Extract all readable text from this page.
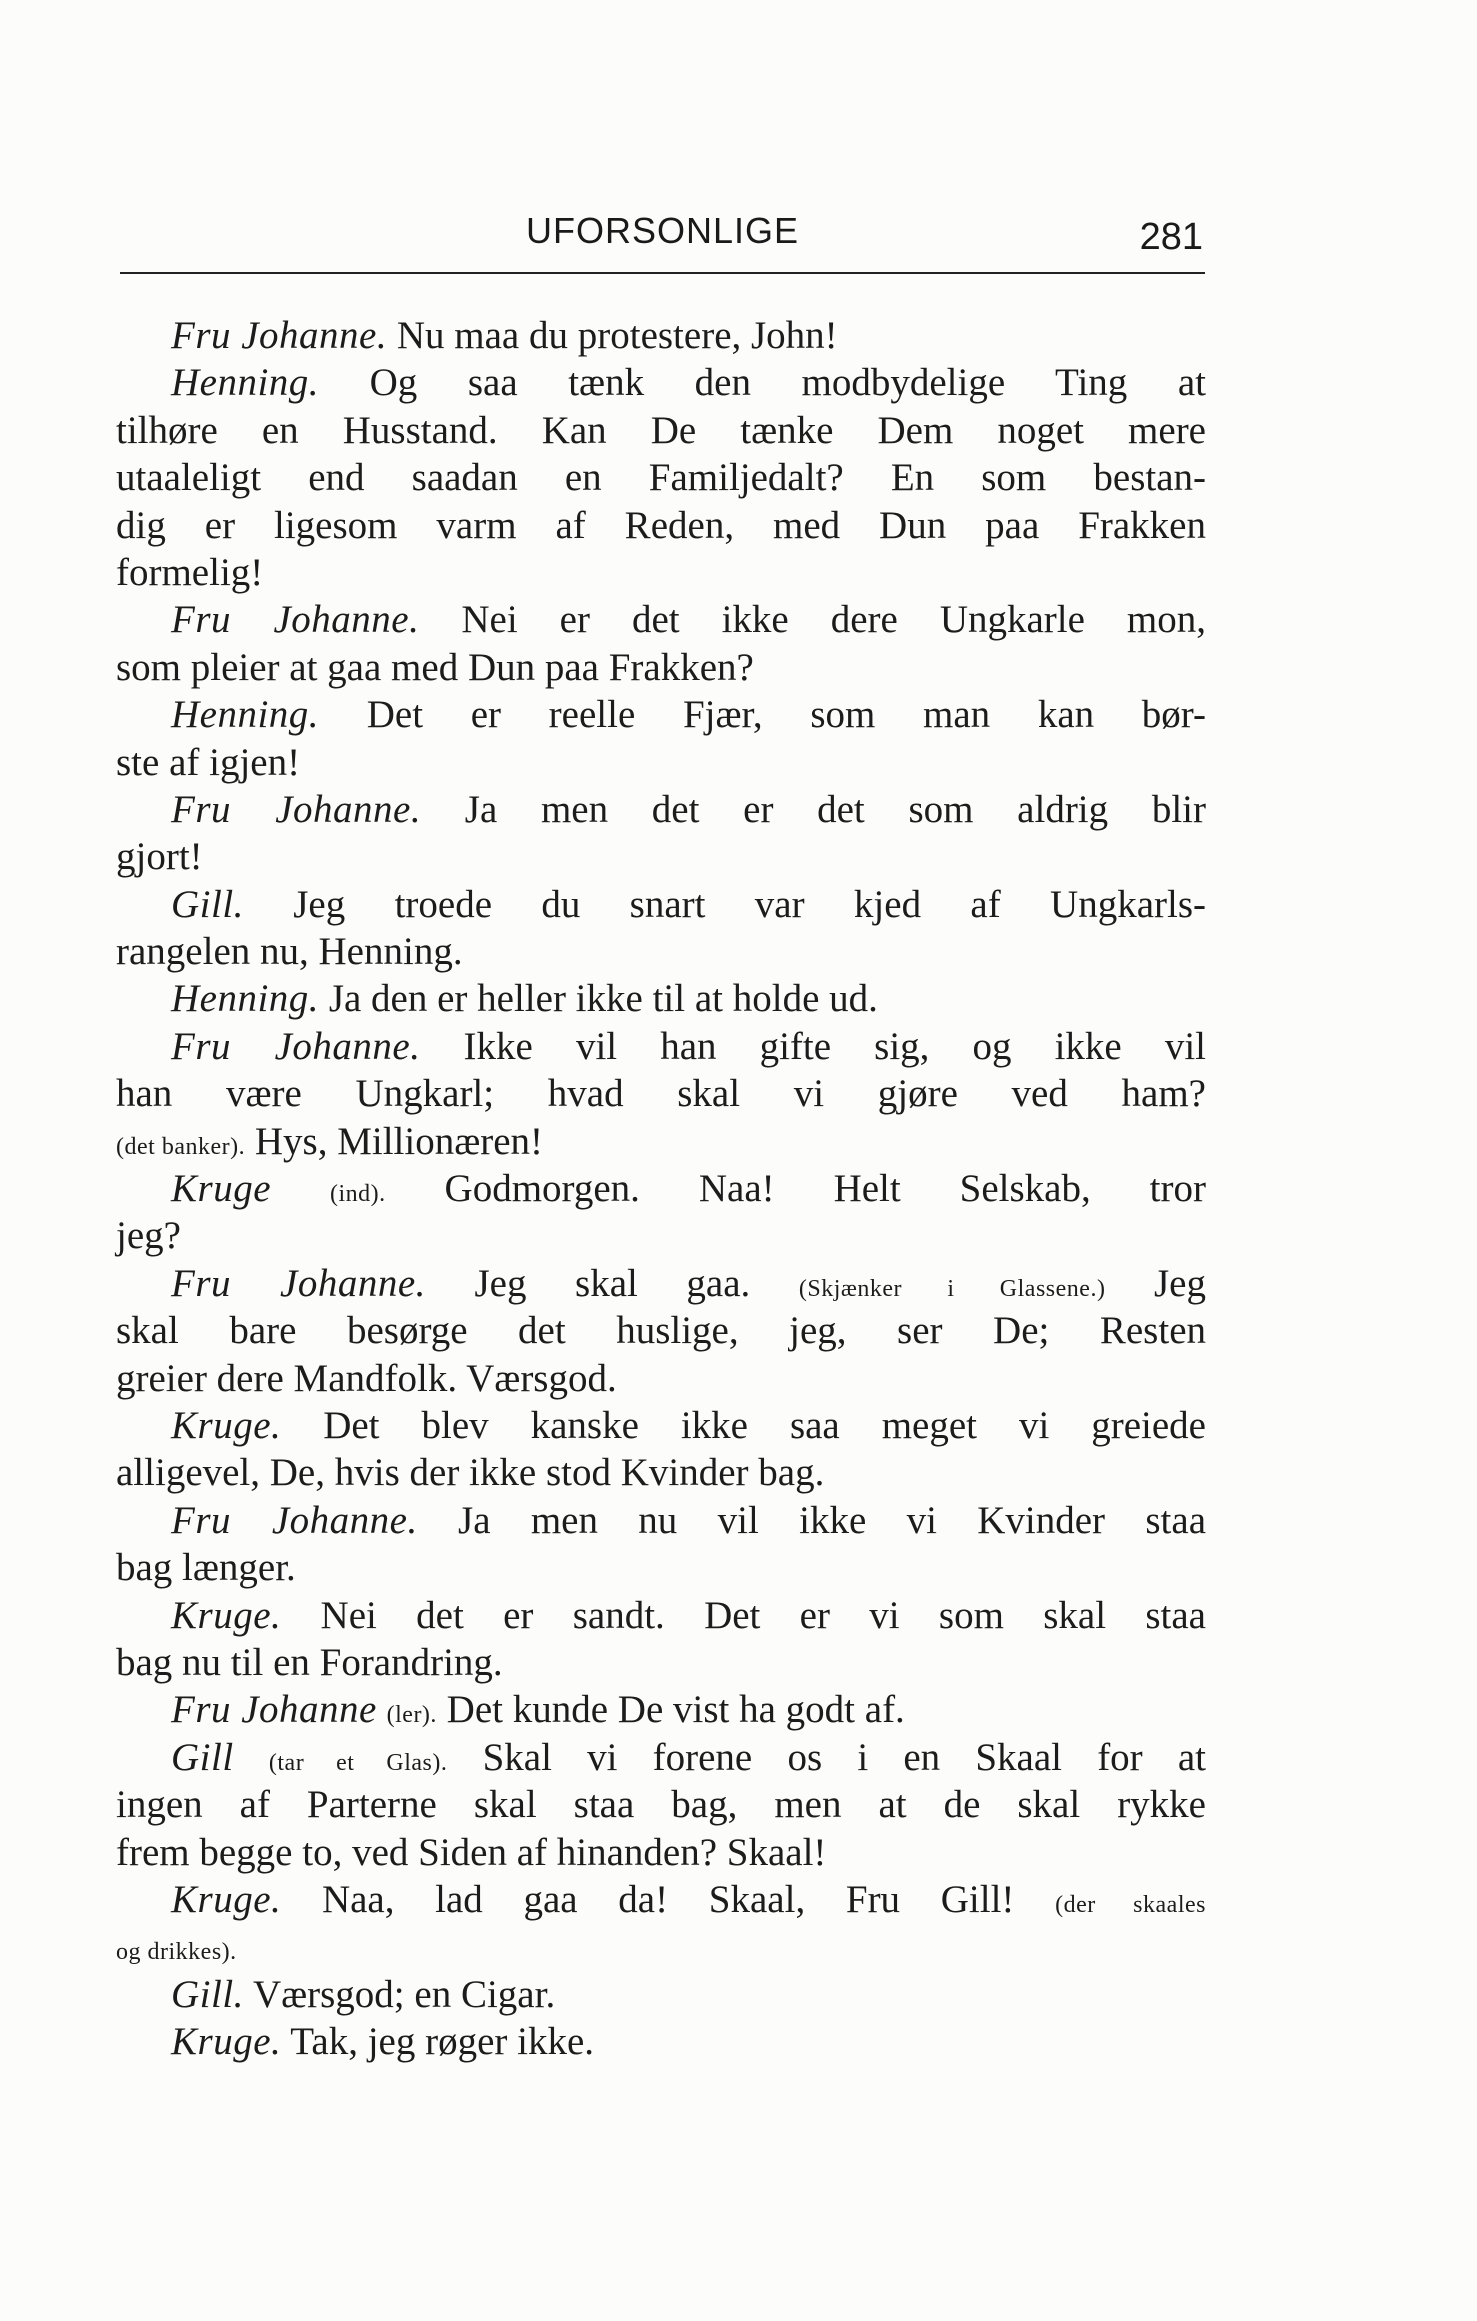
UFORSONLIGE	281
Fru Johanne. Nu maa du protestere, John!
Henning. Og saa tænk den modbydelige Ting at
tilhøre en Husstand. Kan De tænke Dem noget mere
utaaleligt end saadan en Familjedalt? En som bestan-
dig er ligesom varm af Reden, med Dun paa Frakken
formelig!
Fru Johanne. Nei er det ikke dere Ungkarle mon,
som pleier at gaa med Dun paa Frakken?
Henning. Det er reelle Fjær, som man kan bør-
ste af igjen!
Fru Johanne. Ja men det er det som aldrig blir
gjort!
Gill. Jeg troede du snart var kjed af Ungkarls-
rangelen nu, Henning.
Henning. Ja den er heller ikke til at holde ud.
Fru Johanne. Ikke vil han gifte sig, og ikke vil
han være Ungkarl; hvad skal vi gjøre ved ham?
(det banker). Hys, Millionæren!
Kruge (ind). Godmorgen. Naa! Helt Selskab, tror
jeg?
Fru Johanne. Jeg skal gaa. (Skjænker i Glassene.) Jeg
skal bare besørge det huslige, jeg, ser De; Resten
greier dere Mandfolk. Værsgod.
Kruge. Det blev kanske ikke saa meget vi greiede
alligevel, De, hvis der ikke stod Kvinder bag.
Fru Johanne. Ja men nu vil ikke vi Kvinder staa
bag længer.
Kruge. Nei det er sandt. Det er vi som skal staa
bag nu til en Forandring.
Fru Johanne (ler). Det kunde De vist ha godt af.
Gill (tar et Glas). Skal vi forene os i en Skaal for at
ingen af Parterne skal staa bag, men at de skal rykke
frem begge to, ved Siden af hinanden? Skaal!
Kruge. Naa, lad gaa da! Skaal, Fru Gill! (der skaales
og drikkes).
Gill. Værsgod; en Cigar.
Kruge. Tak, jeg røger ikke.
